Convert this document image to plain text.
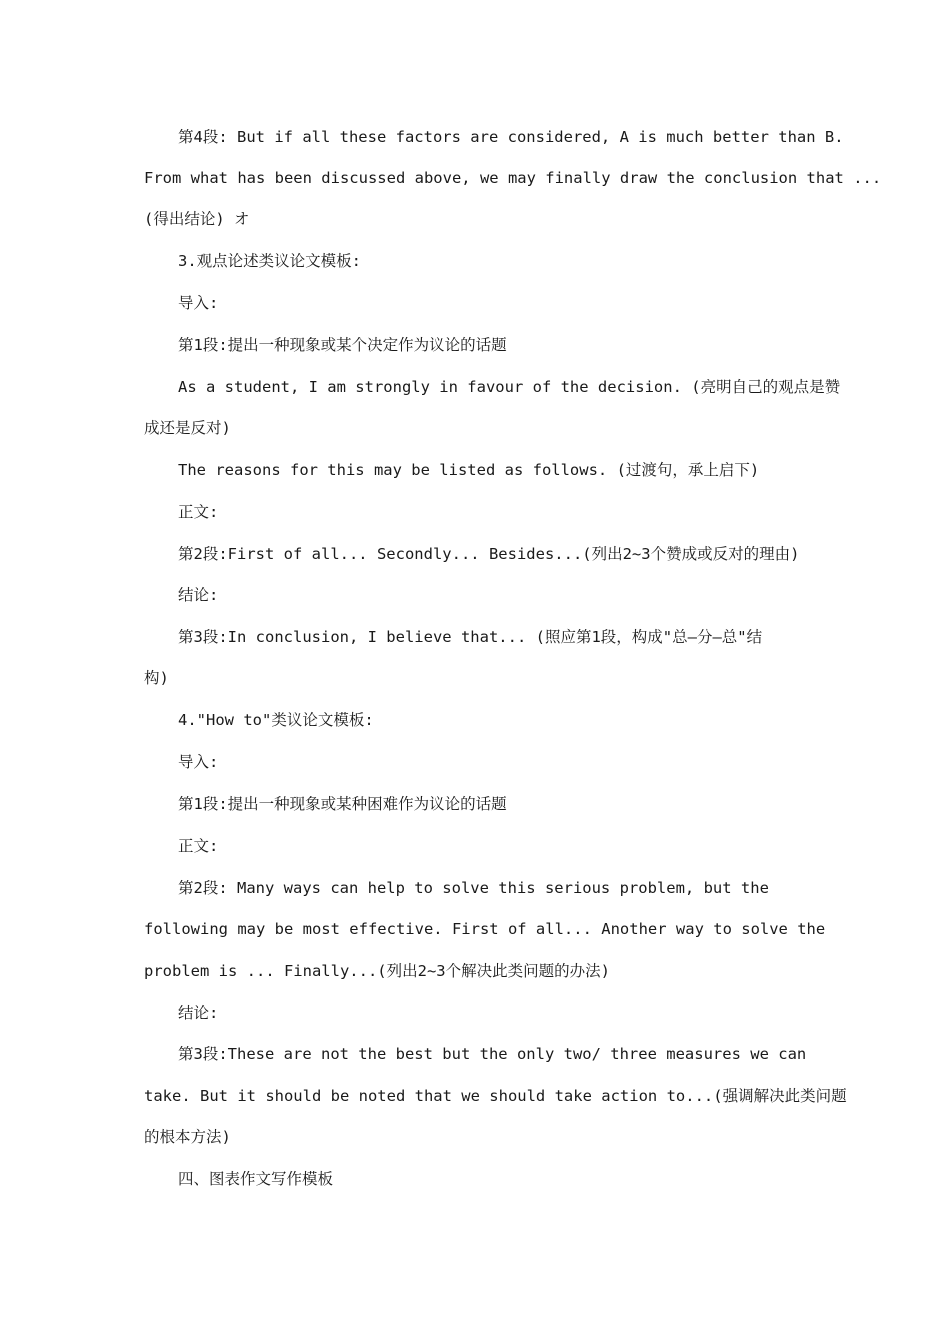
第4段: But if all these factors are considered, A is much better than B.
From what has been discussed above, we may finally draw the conclusion that ...
(得出结论) オ
3.观点论述类议论文模板:
导入:
第1段:提出一种现象或某个决定作为议论的话题
As a student, I am strongly in favour of the decision. (亮明自己的观点是赞
成还是反对)
The reasons for this may be listed as follows. (过渡句，承上启下)
正文:
第2段:First of all... Secondly... Besides...(列出2~3个赞成或反对的理由)
结论:
第3段:In conclusion, I believe that... (照应第1段，构成"总—分—总"结
构)
4."How to"类议论文模板:
导入:
第1段:提出一种现象或某种困难作为议论的话题
正文:
第2段: Many ways can help to solve this serious problem, but the
following may be most effective. First of all... Another way to solve the
problem is ... Finally...(列出2~3个解决此类问题的办法)
结论:
第3段:These are not the best but the only two/ three measures we can
take. But it should be noted that we should take action to...(强调解决此类问题
的根本方法)
四、图表作文写作模板
